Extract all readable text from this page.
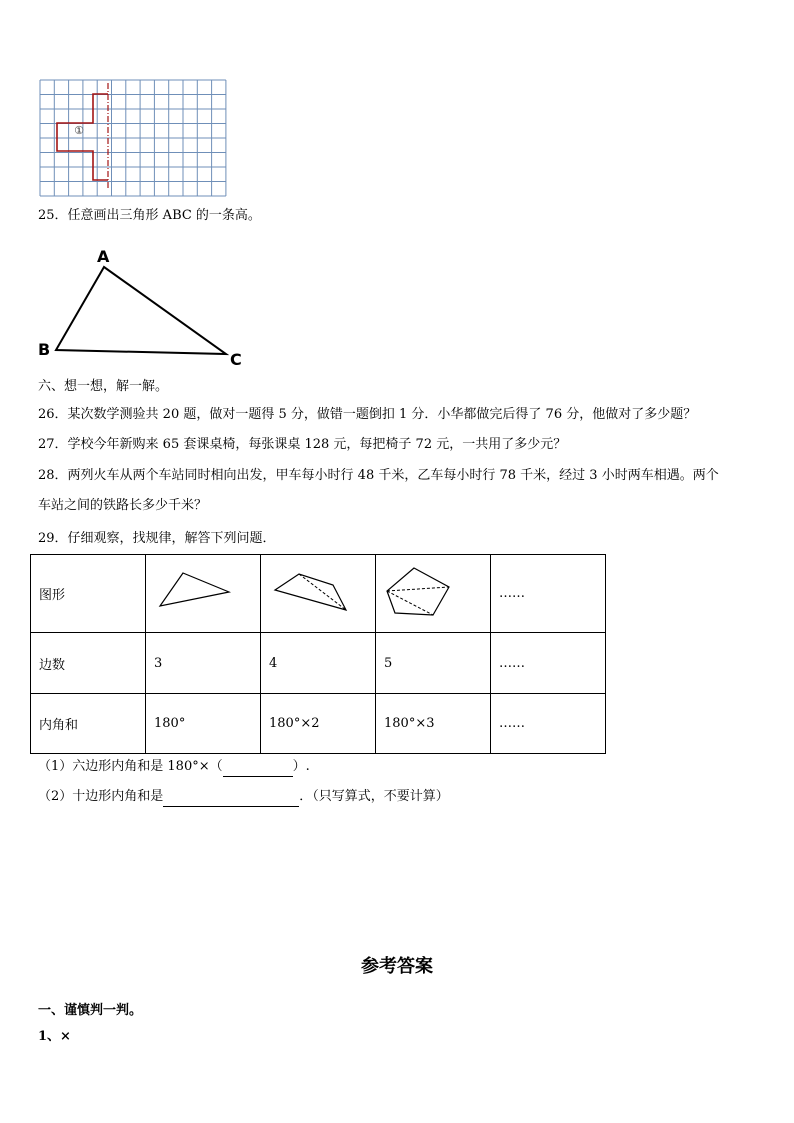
①
25．任意画出三角形 ABC 的一条高。
A
B
C
六、想一想，解一解。
26．某次数学测验共 20 题，做对一题得 5 分，做错一题倒扣 1 分．小华都做完后得了 76 分，他做对了多少题？
27．学校今年新购来 65 套课桌椅，每张课桌 128 元，每把椅子 72 元，一共用了多少元？
28．两列火车从两个车站同时相向出发，甲车每小时行 48 千米，乙车每小时行 78 千米，经过 3 小时两车相遇。两个
车站之间的铁路长多少千米？
29．仔细观察，找规律，解答下列问题．
图形				……
边数	3	4	5	……
内角和	180°	180°×2	180°×3	……
（1）六边形内角和是 180°×（	）.
（2）十边形内角和是	．（只写算式，不要计算）
参考答案
一、谨慎判一判。
1、×
